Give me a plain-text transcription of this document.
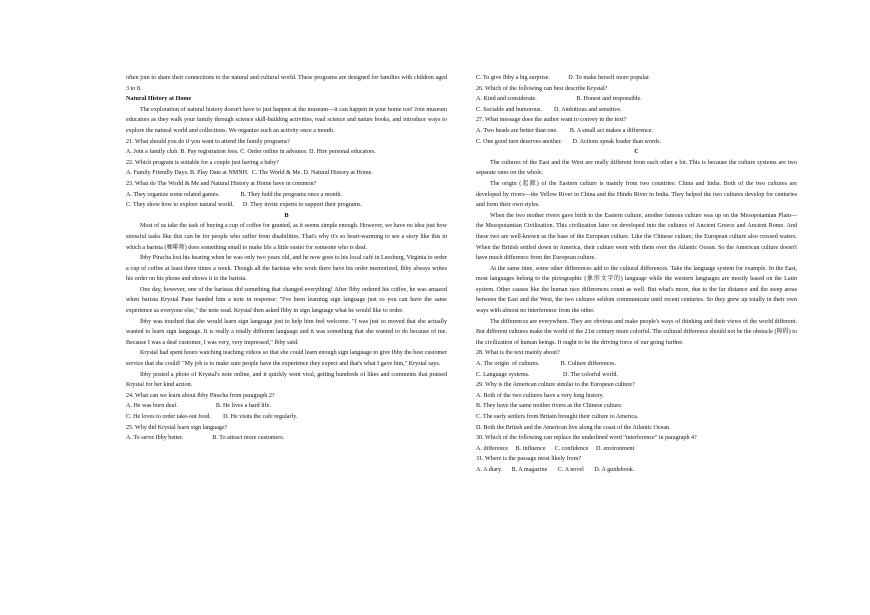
often join to share their connections to the natural and cultural world. These programs are designed for families with children aged 3 to 8.

Natural History at Home

The exploration of natural history doesn't have to just happen at the museum—it can happen in your home too! Join museum educators as they walk your family through science skill-building activities, read science and nature books, and introduce ways to explore the natural world and collections. We organize such an activity once a month.

21. What should you do if you want to attend the family programs?

A. Join a family club. B. Pay registration fees. C. Order online in advance. D. Hire personal educators.

22. Which program is suitable for a couple just having a baby?

A. Family Friendly Days. B. Play Date at NMNH.  C. The World & Me. D. Natural History at Home.

23. What do The World & Me and Natural History at Home have in common?

A. They organize some related games.              B. They hold the programs once a month.

C. They show how to explore natural world.      D. They invite experts to support their programs.

B

Most of us take the task of buying a cup of coffee for granted, as it seems simple enough. However, we have no idea just how stressful tasks like this can be for people who suffer from disabilities. That's why it's so heart-warming to see a story like this in which a barista (咖啡师) does something small to make life a little easier for someone who is deaf.

Ibby Piracha lost his hearing when he was only two years old, and he now goes to his local café in Leesburg, Virginia to order a cup of coffee at least three times a week. Though all the baristas who work there have his order memorized, Ibby always writes his order on his phone and shows it to the barista.

One day, however, one of the baristas did something that changed everything! After Ibby ordered his coffee, he was amazed when barista Krystal Pane handed him a note in response: "I've been learning sign language just so you can have the same experience as everyone else," the note read. Krystal then asked Ibby in sign language what he would like to order.

Ibby was touched that she would learn sign language just to help him feel welcome. "I was just so moved that she actually wanted to learn sign language. It is really a totally different language and it was something that she wanted to do because of me. Because I was a deaf customer, I was very, very impressed," Ibby said.

Krystal had spent hours watching teaching videos so that she could learn enough sign language to give Ibby the best customer service that she could! "My job is to make sure people have the experience they expect and that's what I gave him," Krystal says.

Ibby posted a photo of Krystal's note online, and it quickly went viral, getting hundreds of likes and comments that praised Krystal for her kind action.

24. What can we learn about Ibby Piracha from paragraph 2?

A. He was born deaf.                         B. He lives a hard life.

C. He loves to order take-out food.        D. He visits the cafe regularly.

25. Why did Krystal learn sign language?

A. To serve Ibby better.                   B. To attract more customers.

C. To give Ibby a big surprise.            D. To make herself more popular.

26. Which of the following can best describe Krystal?

A. Kind and considerate.                          B. Honest and responsible.

C. Sociable and humorous.        D. Ambitious and sensitive.

27. What message does the author want to convey in the text?

A. Two heads are better than one.        B. A small act makes a difference.

C. One good turn deserves another.       D. Actions speak louder than words.

C

The cultures of the East and the West are really different from each other a lot. This is because the culture systems are two separate ones on the whole.

The origin (起源) of the Eastern culture is mainly from two countries: China and India. Both of the two cultures are developed by rivers—the Yellow River in China and the Hindu River in India. They helped the two cultures develop for centuries and form their own styles.

When the two mother rivers gave birth to the Eastern culture, another famous culture was up on the Mesopotamian Plain—the Mesopotamian Civilization. This civilization later on developed into the cultures of Ancient Greece and Ancient Rome. And these two are well-known as the base of the European culture. Like the Chinese culture, the European culture also crossed waters. When the British settled down in America, their culture went with them over the Atlantic Ocean. So the American culture doesn't have much difference from the European culture.

At the same time, some other differences add to the cultural differences. Take the language system for example. In the East, most languages belong to the pictographic (象形文字的) language while the western languages are mostly based on the Latin system. Other causes like the human race differences count as well. But what's more, due to the far distance and the steep areas between the East and the West, the two cultures seldom communicate until recent centuries. So they grew up totally in their own ways with almost no interference from the other.

The differences are everywhere. They are obvious and make people's ways of thinking and their views of the world different. But different cultures make the world of the 21st century more colorful. The cultural difference should not be the obstacle (障碍) to the civilization of human beings. It ought to be the driving force of our going further.

28. What is the text mainly about?

A. The origin  of cultures.              B. Culture differences.

C. Language systems.                      D. The colorful world.

29. Why is the American culture similar to the European culture?

A. Both of the two cultures have a very long history.

B. They have the same mother rivers as the Chinese culture.

C. The early settlers from Britain brought their culture to America.

D. Both the British and the American live along the coast of the Atlantic Ocean.

30. Which of the following can replace the underlined word "interference" in paragraph 4?

A. difference     B. influence      C. confidence     D. environment

31. Where is the passage most likely from?

A. A diary.      B. A magazine       C. A novel       D. A guidebook.
